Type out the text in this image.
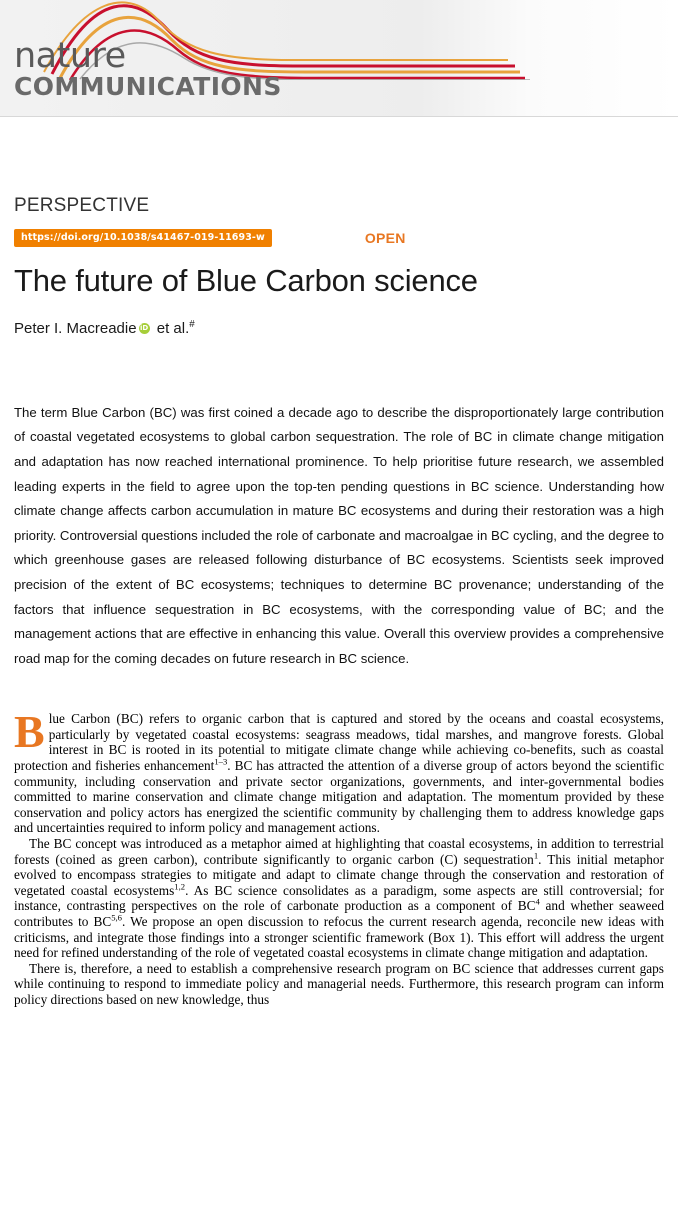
nature
COMMUNICATIONS
PERSPECTIVE
https://doi.org/10.1038/s41467-019-11693-w	OPEN
The future of Blue Carbon science
Peter I. MacreadieiD et al.#
The term Blue Carbon (BC) was first coined a decade ago to describe the disproportionately large contribution of coastal vegetated ecosystems to global carbon sequestration. The role of BC in climate change mitigation and adaptation has now reached international prominence. To help prioritise future research, we assembled leading experts in the field to agree upon the top-ten pending questions in BC science. Understanding how climate change affects carbon accumulation in mature BC ecosystems and during their restoration was a high priority. Controversial questions included the role of carbonate and macroalgae in BC cycling, and the degree to which greenhouse gases are released following disturbance of BC ecosystems. Scientists seek improved precision of the extent of BC ecosystems; techniques to determine BC provenance; understanding of the factors that influence sequestration in BC ecosystems, with the corresponding value of BC; and the management actions that are effective in enhancing this value. Overall this overview provides a comprehensive road map for the coming decades on future research in BC science.

Blue Carbon (BC) refers to organic carbon that is captured and stored by the oceans and coastal ecosystems, particularly by vegetated coastal ecosystems: seagrass meadows, tidal marshes, and mangrove forests. Global interest in BC is rooted in its potential to mitigate climate change while achieving co-benefits, such as coastal protection and fisheries enhancement$^{1-3}$. BC has attracted the attention of a diverse group of actors beyond the scientific community, including conservation and private sector organizations, governments, and inter-governmental bodies committed to marine conservation and climate change mitigation and adaptation. The momentum provided by these conservation and policy actors has energized the scientific community by challenging them to address knowledge gaps and uncertainties required to inform policy and management actions.

The BC concept was introduced as a metaphor aimed at highlighting that coastal ecosystems, in addition to terrestrial forests (coined as green carbon), contribute significantly to organic carbon (C) sequestration$^1$. This initial metaphor evolved to encompass strategies to mitigate and adapt to climate change through the conservation and restoration of vegetated coastal ecosystems$^{1,2}$. As BC science consolidates as a paradigm, some aspects are still controversial; for instance, contrasting perspectives on the role of carbonate production as a component of $BC^4$ and whether seaweed contributes to BC$^{5,6}$. We propose an open discussion to refocus the current research agenda, reconcile new ideas with criticisms, and integrate those findings into a stronger scientific framework (Box 1). This effort will address the urgent need for refined understanding of the role of vegetated coastal ecosystems in climate change mitigation and adaptation.

There is, therefore, a need to establish a comprehensive research program on BC science that addresses current gaps while continuing to respond to immediate policy and managerial needs. Furthermore, this research program can inform policy directions based on new knowledge, thus
